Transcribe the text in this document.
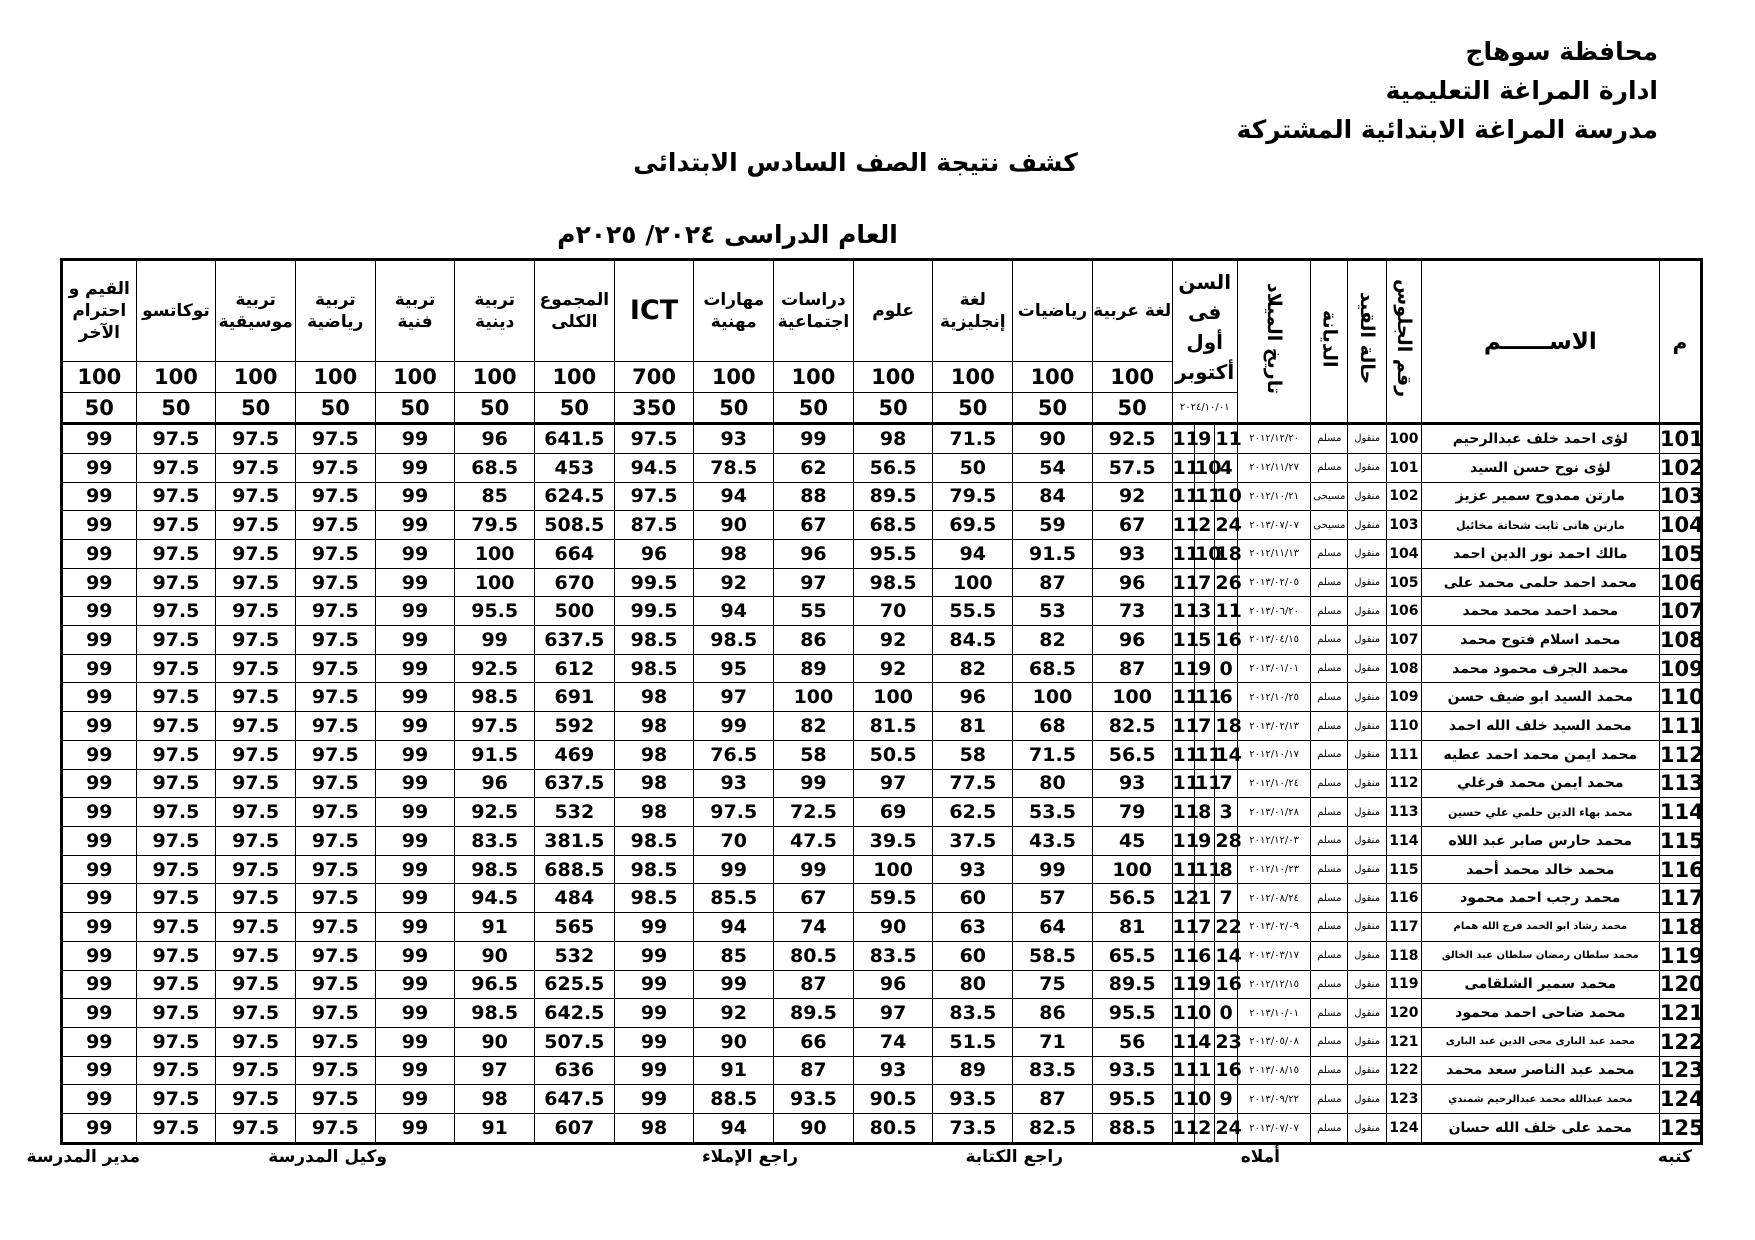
محافظة سوهاج
ادارة المراغة التعليمية
مدرسة المراغة الابتدائية المشتركة
كشف نتيجة الصف السادس الابتدائى
العام الدراسى ٢٠٢٤/ ٢٠٢٥م
القيم و احترام الآخر	توكاتسو	تربية موسيقية	تربية رياضية	تربية فنية	تربية دينية	المجموع الكلى	ICT	مهارات مهنية	دراسات اجتماعية	علوم	لغة إنجليزية	رياضيات	لغة عربية	السن فى أول أكتوبر			تاريخ الميلاد	الديانة	حالة القيد	رقم الجلوس	الاســــــم	م
100	100	100	100	100	100	100	700	100	100	100	100	100	100									
50	50	50	50	50	50	50	350	50	50	50	50	50	50	٢٠٢٤/١٠/٠١								
99	97.5	97.5	97.5	99	96	641.5	97.5	93	99	98	71.5	90	92.5	11	9	11	٢٠١٢/١٢/٢٠	مسلم	منقول	100	لؤى احمد خلف عبدالرحيم	101
99	97.5	97.5	97.5	99	68.5	453	94.5	78.5	62	56.5	50	54	57.5	11	10	4	٢٠١٢/١١/٢٧	مسلم	منقول	101	لؤى نوح حسن السيد	102
99	97.5	97.5	97.5	99	85	624.5	97.5	94	88	89.5	79.5	84	92	11	11	10	٢٠١٢/١٠/٢١	مسيحى	منقول	102	مارتن ممدوح سمير عزيز	103
99	97.5	97.5	97.5	99	79.5	508.5	87.5	90	67	68.5	69.5	59	67	11	2	24	٢٠١٣/٠٧/٠٧	مسيحى	منقول	103	مارتن هانى ثابت شحاتة مخائيل	104
99	97.5	97.5	97.5	99	100	664	96	98	96	95.5	94	91.5	93	11	10	18	٢٠١٢/١١/١٣	مسلم	منقول	104	مالك احمد نور الدين احمد	105
99	97.5	97.5	97.5	99	100	670	99.5	92	97	98.5	100	87	96	11	7	26	٢٠١٣/٠٢/٠٥	مسلم	منقول	105	محمد احمد حلمى محمد على	106
99	97.5	97.5	97.5	99	95.5	500	99.5	94	55	70	55.5	53	73	11	3	11	٢٠١٣/٠٦/٢٠	مسلم	منقول	106	محمد احمد محمد محمد	107
99	97.5	97.5	97.5	99	99	637.5	98.5	98.5	86	92	84.5	82	96	11	5	16	٢٠١٣/٠٤/١٥	مسلم	منقول	107	محمد اسلام فتوح محمد	108
99	97.5	97.5	97.5	99	92.5	612	98.5	95	89	92	82	68.5	87	11	9	0	٢٠١٣/٠١/٠١	مسلم	منقول	108	محمد الجرف محمود محمد	109
99	97.5	97.5	97.5	99	98.5	691	98	97	100	100	96	100	100	11	11	6	٢٠١٢/١٠/٢٥	مسلم	منقول	109	محمد السيد ابو ضيف حسن	110
99	97.5	97.5	97.5	99	97.5	592	98	99	82	81.5	81	68	82.5	11	7	18	٢٠١٣/٠٢/١٣	مسلم	منقول	110	محمد السيد خلف الله احمد	111
99	97.5	97.5	97.5	99	91.5	469	98	76.5	58	50.5	58	71.5	56.5	11	11	14	٢٠١٢/١٠/١٧	مسلم	منقول	111	محمد ايمن محمد احمد عطيه	112
99	97.5	97.5	97.5	99	96	637.5	98	93	99	97	77.5	80	93	11	11	7	٢٠١٢/١٠/٢٤	مسلم	منقول	112	محمد ايمن محمد فرغلي	113
99	97.5	97.5	97.5	99	92.5	532	98	97.5	72.5	69	62.5	53.5	79	11	8	3	٢٠١٣/٠١/٢٨	مسلم	منقول	113	محمد بهاء الدين حلمي علي حسين	114
99	97.5	97.5	97.5	99	83.5	381.5	98.5	70	47.5	39.5	37.5	43.5	45	11	9	28	٢٠١٢/١٢/٠٣	مسلم	منقول	114	محمد حارس صابر عبد اللاه	115
99	97.5	97.5	97.5	99	98.5	688.5	98.5	99	99	100	93	99	100	11	11	8	٢٠١٢/١٠/٢٣	مسلم	منقول	115	محمد خالد محمد أحمد	116
99	97.5	97.5	97.5	99	94.5	484	98.5	85.5	67	59.5	60	57	56.5	12	1	7	٢٠١٢/٠٨/٢٤	مسلم	منقول	116	محمد رجب احمد محمود	117
99	97.5	97.5	97.5	99	91	565	99	94	74	90	63	64	81	11	7	22	٢٠١٣/٠٢/٠٩	مسلم	منقول	117	محمد رشاد ابو الحمد فرج الله همام	118
99	97.5	97.5	97.5	99	90	532	99	85	80.5	83.5	60	58.5	65.5	11	6	14	٢٠١٣/٠٣/١٧	مسلم	منقول	118	محمد سلطان رمضان سلطان عبد الخالق	119
99	97.5	97.5	97.5	99	96.5	625.5	99	99	87	96	80	75	89.5	11	9	16	٢٠١٢/١٢/١٥	مسلم	منقول	119	محمد سمير الشلقامى	120
99	97.5	97.5	97.5	99	98.5	642.5	99	92	89.5	97	83.5	86	95.5	11	0	0	٢٠١٣/١٠/٠١	مسلم	منقول	120	محمد ضاحى احمد محمود	121
99	97.5	97.5	97.5	99	90	507.5	99	90	66	74	51.5	71	56	11	4	23	٢٠١٣/٠٥/٠٨	مسلم	منقول	121	محمد عبد البارى محى الدين عبد البارى	122
99	97.5	97.5	97.5	99	97	636	99	91	87	93	89	83.5	93.5	11	1	16	٢٠١٣/٠٨/١٥	مسلم	منقول	122	محمد عبد الناصر سعد محمد	123
99	97.5	97.5	97.5	99	98	647.5	99	88.5	93.5	90.5	93.5	87	95.5	11	0	9	٢٠١٣/٠٩/٢٢	مسلم	منقول	123	محمد عبدالله محمد عبدالرحيم شمندي	124
99	97.5	97.5	97.5	99	91	607	98	94	90	80.5	73.5	82.5	88.5	11	2	24	٢٠١٣/٠٧/٠٧	مسلم	منقول	124	محمد على خلف الله حسان	125
كتبه
أملاه
راجع الكتابة
راجع الإملاء
وكيل المدرسة
مدير المدرسة
